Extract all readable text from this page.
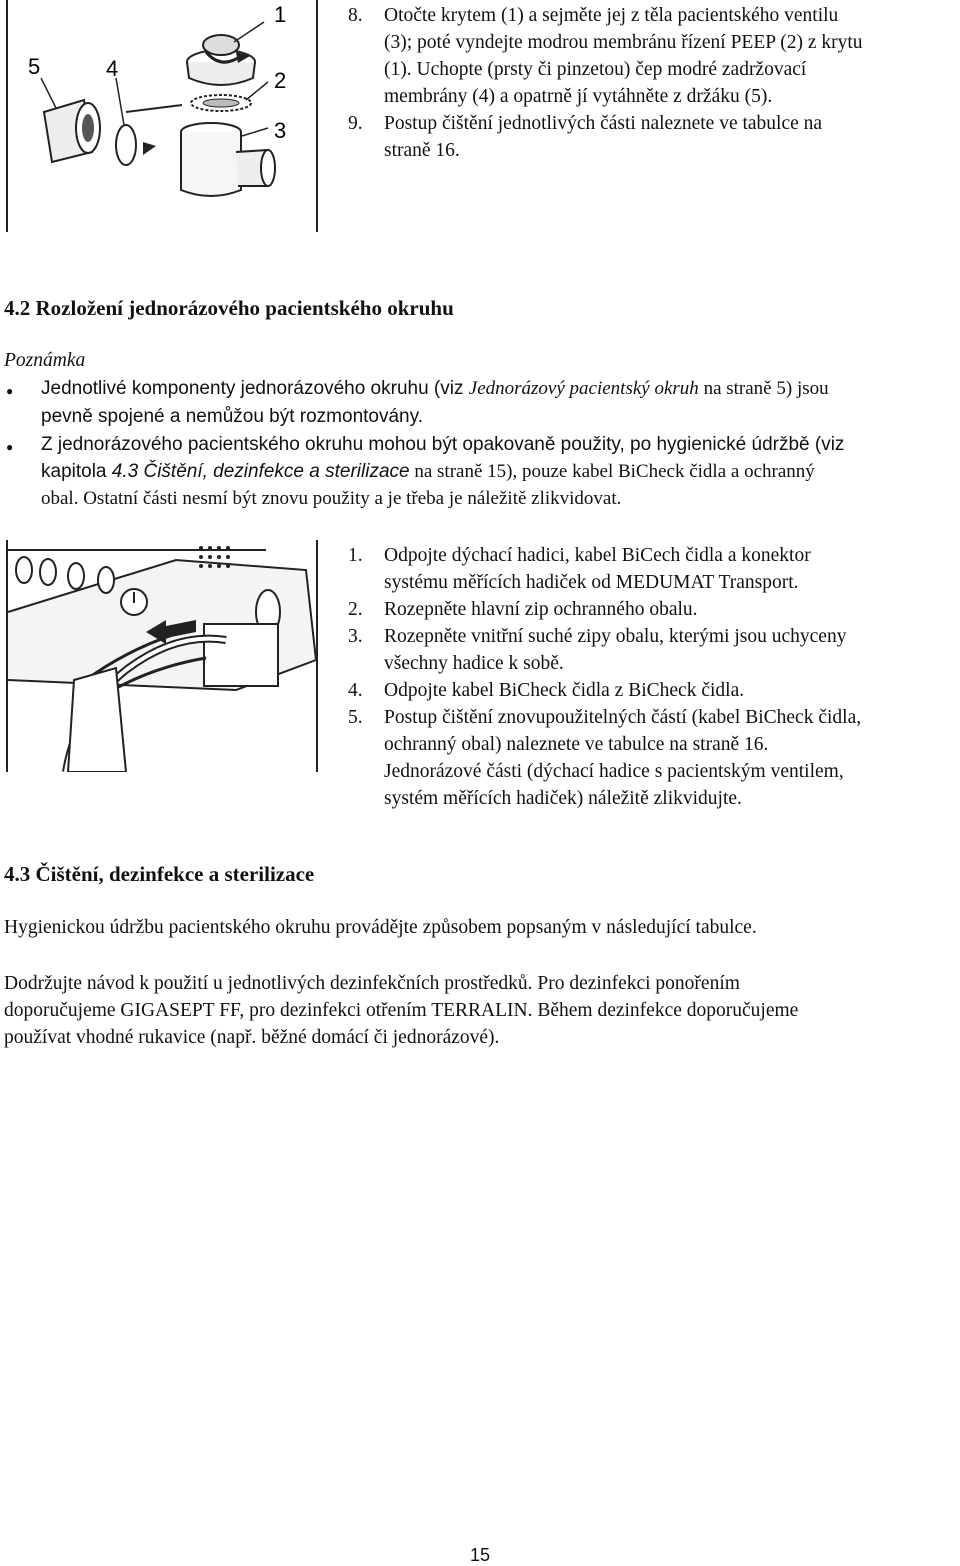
1
2
3
4
5
8. Otočte krytem (1) a sejměte jej z těla pacientského ventilu
(3); poté vyndejte modrou membránu řízení PEEP (2) z krytu
(1). Uchopte (prsty či pinzetou) čep modré zadržovací
membrány (4) a opatrně jí vytáhněte z držáku (5).
9. Postup čištění jednotlivých části naleznete ve tabulce na
straně 16.
4.2 Rozložení jednorázového pacientského okruhu
Poznámka
● Jednotlivé komponenty jednorázového okruhu (viz Jednorázový pacientský okruh na straně 5) jsou
pevně spojené a nemůžou být rozmontovány.
● Z jednorázového pacientského okruhu mohou být opakovaně použity, po hygienické údržbě (viz
kapitola 4.3 Čištění, dezinfekce a sterilizace na straně 15), pouze kabel BiCheck čidla a ochranný
obal. Ostatní části nesmí být znovu použity a je třeba je náležitě zlikvidovat.
1. Odpojte dýchací hadici, kabel BiCech čidla a konektor
systému měřících hadiček od MEDUMAT Transport.
2. Rozepněte hlavní zip ochranného obalu.
3. Rozepněte vnitřní suché zipy obalu, kterými jsou uchyceny
všechny hadice k sobě.
4. Odpojte kabel BiCheck čidla z BiCheck čidla.
5. Postup čištění znovupoužitelných částí (kabel BiCheck čidla,
ochranný obal) naleznete ve tabulce na straně 16.
Jednorázové části (dýchací hadice s pacientským ventilem,
systém měřících hadiček) náležitě zlikvidujte.
4.3 Čištění, dezinfekce a sterilizace
Hygienickou údržbu pacientského okruhu provádějte způsobem popsaným v následující tabulce.
Dodržujte návod k použití u jednotlivých dezinfekčních prostředků. Pro dezinfekci ponořením
doporučujeme GIGASEPT FF, pro dezinfekci otřením TERRALIN. Během dezinfekce doporučujeme
používat vhodné rukavice (např. běžné domácí či jednorázové).
15
